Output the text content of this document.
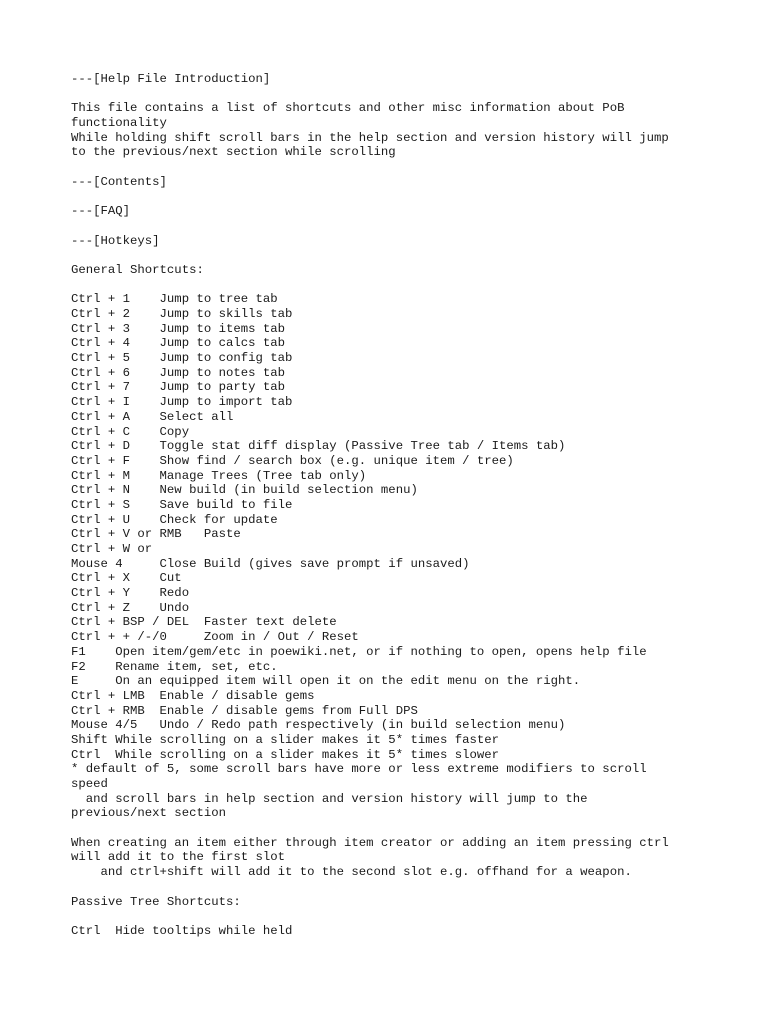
---[Help File Introduction]
This file contains a list of shortcuts and other misc information about PoB
functionality
While holding shift scroll bars in the help section and version history will jump
to the previous/next section while scrolling
---[Contents]
---[FAQ]
---[Hotkeys]
General Shortcuts:
Ctrl + 1    Jump to tree tab
Ctrl + 2    Jump to skills tab
Ctrl + 3    Jump to items tab
Ctrl + 4    Jump to calcs tab
Ctrl + 5    Jump to config tab
Ctrl + 6    Jump to notes tab
Ctrl + 7    Jump to party tab
Ctrl + I    Jump to import tab
Ctrl + A    Select all
Ctrl + C    Copy
Ctrl + D    Toggle stat diff display (Passive Tree tab / Items tab)
Ctrl + F    Show find / search box (e.g. unique item / tree)
Ctrl + M    Manage Trees (Tree tab only)
Ctrl + N    New build (in build selection menu)
Ctrl + S    Save build to file
Ctrl + U    Check for update
Ctrl + V or RMB   Paste
Ctrl + W or
Mouse 4     Close Build (gives save prompt if unsaved)
Ctrl + X    Cut
Ctrl + Y    Redo
Ctrl + Z    Undo
Ctrl + BSP / DEL  Faster text delete
Ctrl + + /-/0     Zoom in / Out / Reset
F1    Open item/gem/etc in poewiki.net, or if nothing to open, opens help file
F2    Rename item, set, etc.
E     On an equipped item will open it on the edit menu on the right.
Ctrl + LMB  Enable / disable gems
Ctrl + RMB  Enable / disable gems from Full DPS
Mouse 4/5   Undo / Redo path respectively (in build selection menu)
Shift While scrolling on a slider makes it 5* times faster
Ctrl  While scrolling on a slider makes it 5* times slower
* default of 5, some scroll bars have more or less extreme modifiers to scroll
speed
and scroll bars in help section and version history will jump to the
previous/next section
When creating an item either through item creator or adding an item pressing ctrl
will add it to the first slot
and ctrl+shift will add it to the second slot e.g. offhand for a weapon.
Passive Tree Shortcuts:
Ctrl  Hide tooltips while held
